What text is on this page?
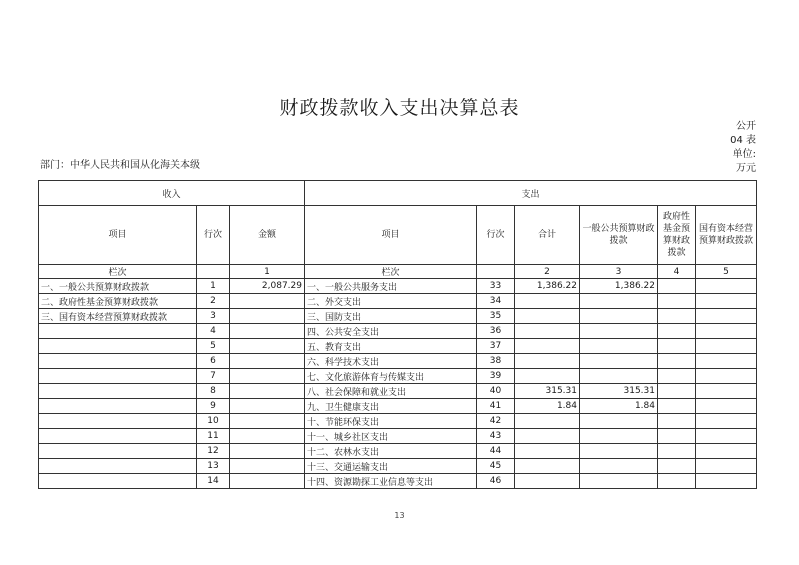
财政拨款收入支出决算总表
公开
04 表
单位:
万元
部门：中华人民共和国从化海关本级
收入			支出					
项目	行次	金额	项目	行次	合计	一般公共预算财政拨款	政府性基金预算财政拨款	国有资本经营预算财政拨款
栏次		1	栏次		2	3	4	5
一、一般公共预算财政拨款	1	2,087.29	一、一般公共服务支出	33	1,386.22	1,386.22		
二、政府性基金预算财政拨款	2		二、外交支出	34				
三、国有资本经营预算财政拨款	3		三、国防支出	35				
	4		四、公共安全支出	36				
	5		五、教育支出	37				
	6		六、科学技术支出	38				
	7		七、文化旅游体育与传媒支出	39				
	8		八、社会保障和就业支出	40	315.31	315.31		
	9		九、卫生健康支出	41	1.84	1.84		
	10		十、节能环保支出	42				
	11		十一、城乡社区支出	43				
	12		十二、农林水支出	44				
	13		十三、交通运输支出	45				
	14		十四、资源勘探工业信息等支出	46				
13
